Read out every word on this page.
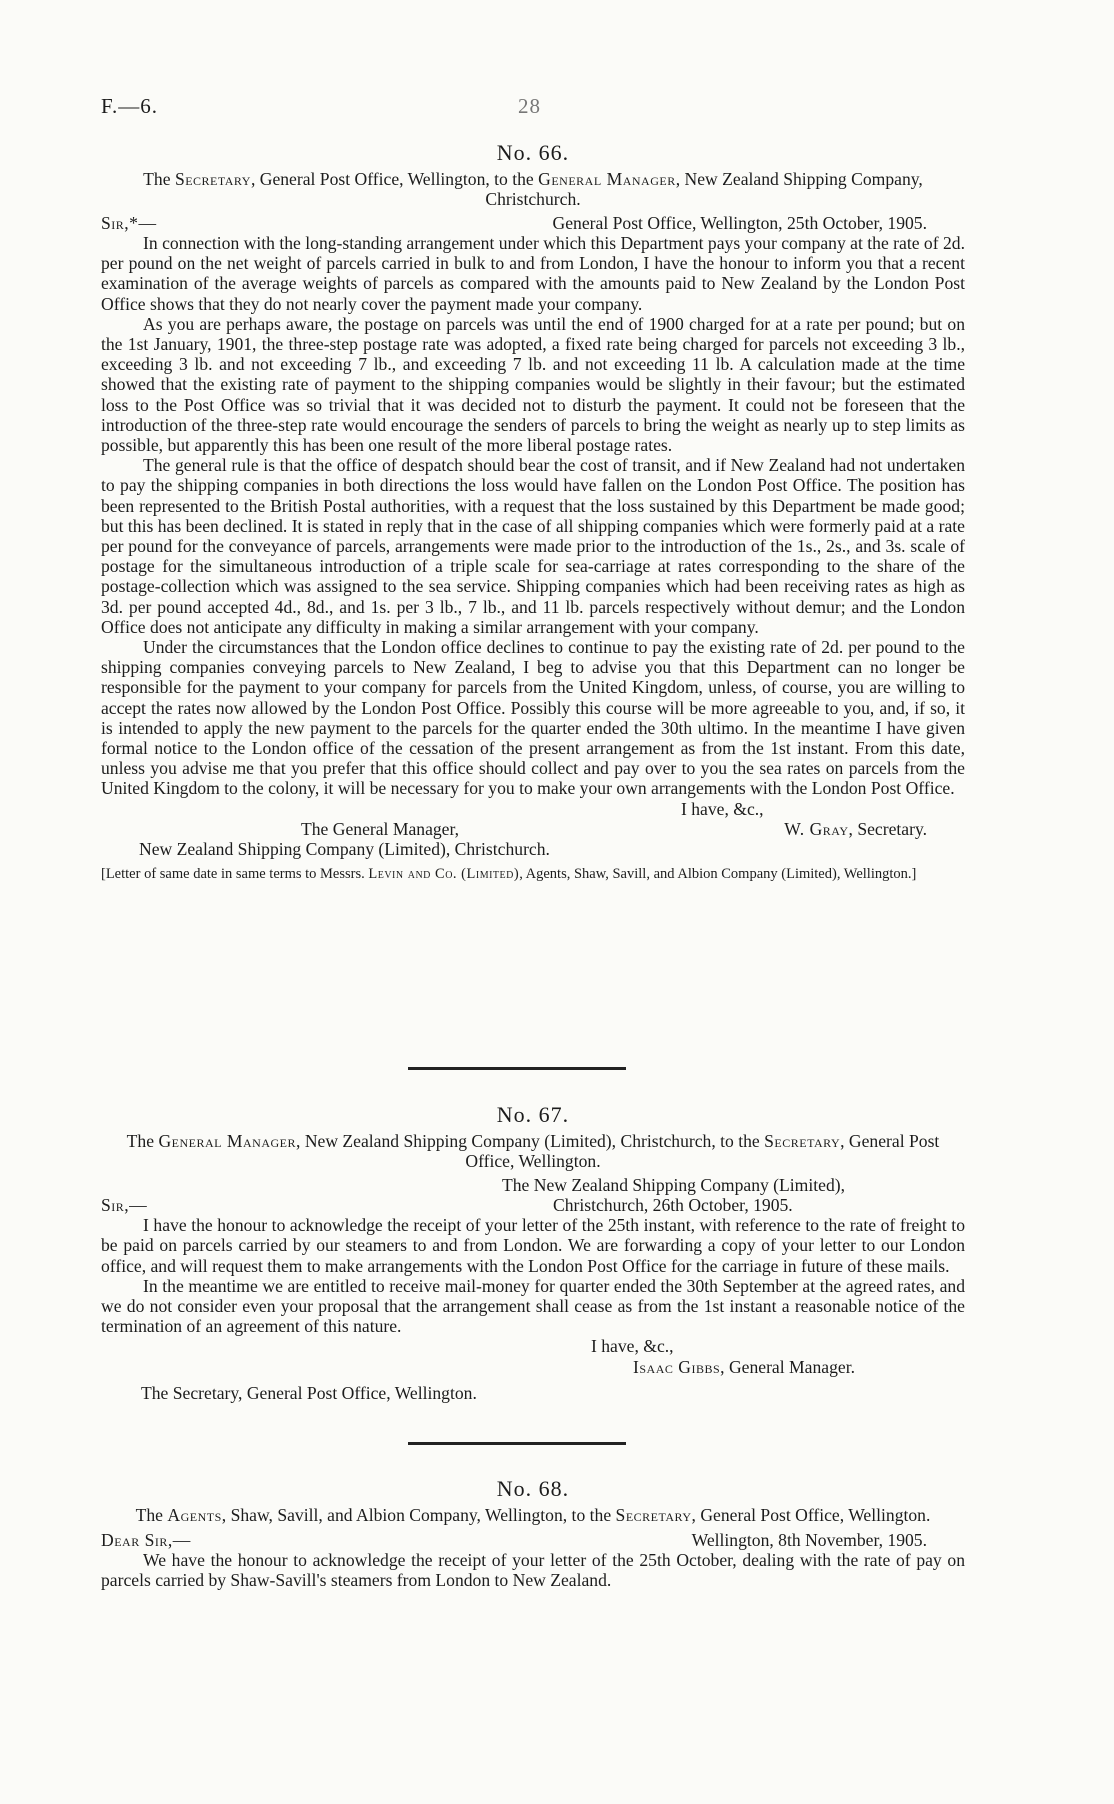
F.—6.	28
No. 66.
The Secretary, General Post Office, Wellington, to the General Manager, New Zealand Shipping Company, Christchurch.
Sir,*—	General Post Office, Wellington, 25th October, 1905.
In connection with the long-standing arrangement under which this Department pays your company at the rate of 2d. per pound on the net weight of parcels carried in bulk to and from London, I have the honour to inform you that a recent examination of the average weights of parcels as compared with the amounts paid to New Zealand by the London Post Office shows that they do not nearly cover the payment made your company.
As you are perhaps aware, the postage on parcels was until the end of 1900 charged for at a rate per pound; but on the 1st January, 1901, the three-step postage rate was adopted, a fixed rate being charged for parcels not exceeding 3 lb., exceeding 3 lb. and not exceeding 7 lb., and exceeding 7 lb. and not exceeding 11 lb. A calculation made at the time showed that the existing rate of payment to the shipping companies would be slightly in their favour; but the estimated loss to the Post Office was so trivial that it was decided not to disturb the payment. It could not be foreseen that the introduction of the three-step rate would encourage the senders of parcels to bring the weight as nearly up to step limits as possible, but apparently this has been one result of the more liberal postage rates.
The general rule is that the office of despatch should bear the cost of transit, and if New Zealand had not undertaken to pay the shipping companies in both directions the loss would have fallen on the London Post Office. The position has been represented to the British Postal authorities, with a request that the loss sustained by this Department be made good; but this has been declined. It is stated in reply that in the case of all shipping companies which were formerly paid at a rate per pound for the conveyance of parcels, arrangements were made prior to the introduction of the 1s., 2s., and 3s. scale of postage for the simultaneous introduction of a triple scale for sea-carriage at rates corresponding to the share of the postage-collection which was assigned to the sea service. Shipping companies which had been receiving rates as high as 3d. per pound accepted 4d., 8d., and 1s. per 3 lb., 7 lb., and 11 lb. parcels respectively without demur; and the London Office does not anticipate any difficulty in making a similar arrangement with your company.
Under the circumstances that the London office declines to continue to pay the existing rate of 2d. per pound to the shipping companies conveying parcels to New Zealand, I beg to advise you that this Department can no longer be responsible for the payment to your company for parcels from the United Kingdom, unless, of course, you are willing to accept the rates now allowed by the London Post Office. Possibly this course will be more agreeable to you, and, if so, it is intended to apply the new payment to the parcels for the quarter ended the 30th ultimo. In the meantime I have given formal notice to the London office of the cessation of the present arrangement as from the 1st instant. From this date, unless you advise me that you prefer that this office should collect and pay over to you the sea rates on parcels from the United Kingdom to the colony, it will be necessary for you to make your own arrangements with the London Post Office.
I have, &c.,
The General Manager,	W. Gray, Secretary.
New Zealand Shipping Company (Limited), Christchurch.
[Letter of same date in same terms to Messrs. Levin and Co. (Limited), Agents, Shaw, Savill, and Albion Company (Limited), Wellington.]
No. 67.
The General Manager, New Zealand Shipping Company (Limited), Christchurch, to the Secretary, General Post Office, Wellington.
The New Zealand Shipping Company (Limited),
Sir,—	Christchurch, 26th October, 1905.
I have the honour to acknowledge the receipt of your letter of the 25th instant, with reference to the rate of freight to be paid on parcels carried by our steamers to and from London. We are forwarding a copy of your letter to our London office, and will request them to make arrangements with the London Post Office for the carriage in future of these mails.
In the meantime we are entitled to receive mail-money for quarter ended the 30th September at the agreed rates, and we do not consider even your proposal that the arrangement shall cease as from the 1st instant a reasonable notice of the termination of an agreement of this nature.
I have, &c.,
Isaac Gibbs, General Manager.
The Secretary, General Post Office, Wellington.
No. 68.
The Agents, Shaw, Savill, and Albion Company, Wellington, to the Secretary, General Post Office, Wellington.
Dear Sir,—	Wellington, 8th November, 1905.
We have the honour to acknowledge the receipt of your letter of the 25th October, dealing with the rate of pay on parcels carried by Shaw-Savill's steamers from London to New Zealand.
